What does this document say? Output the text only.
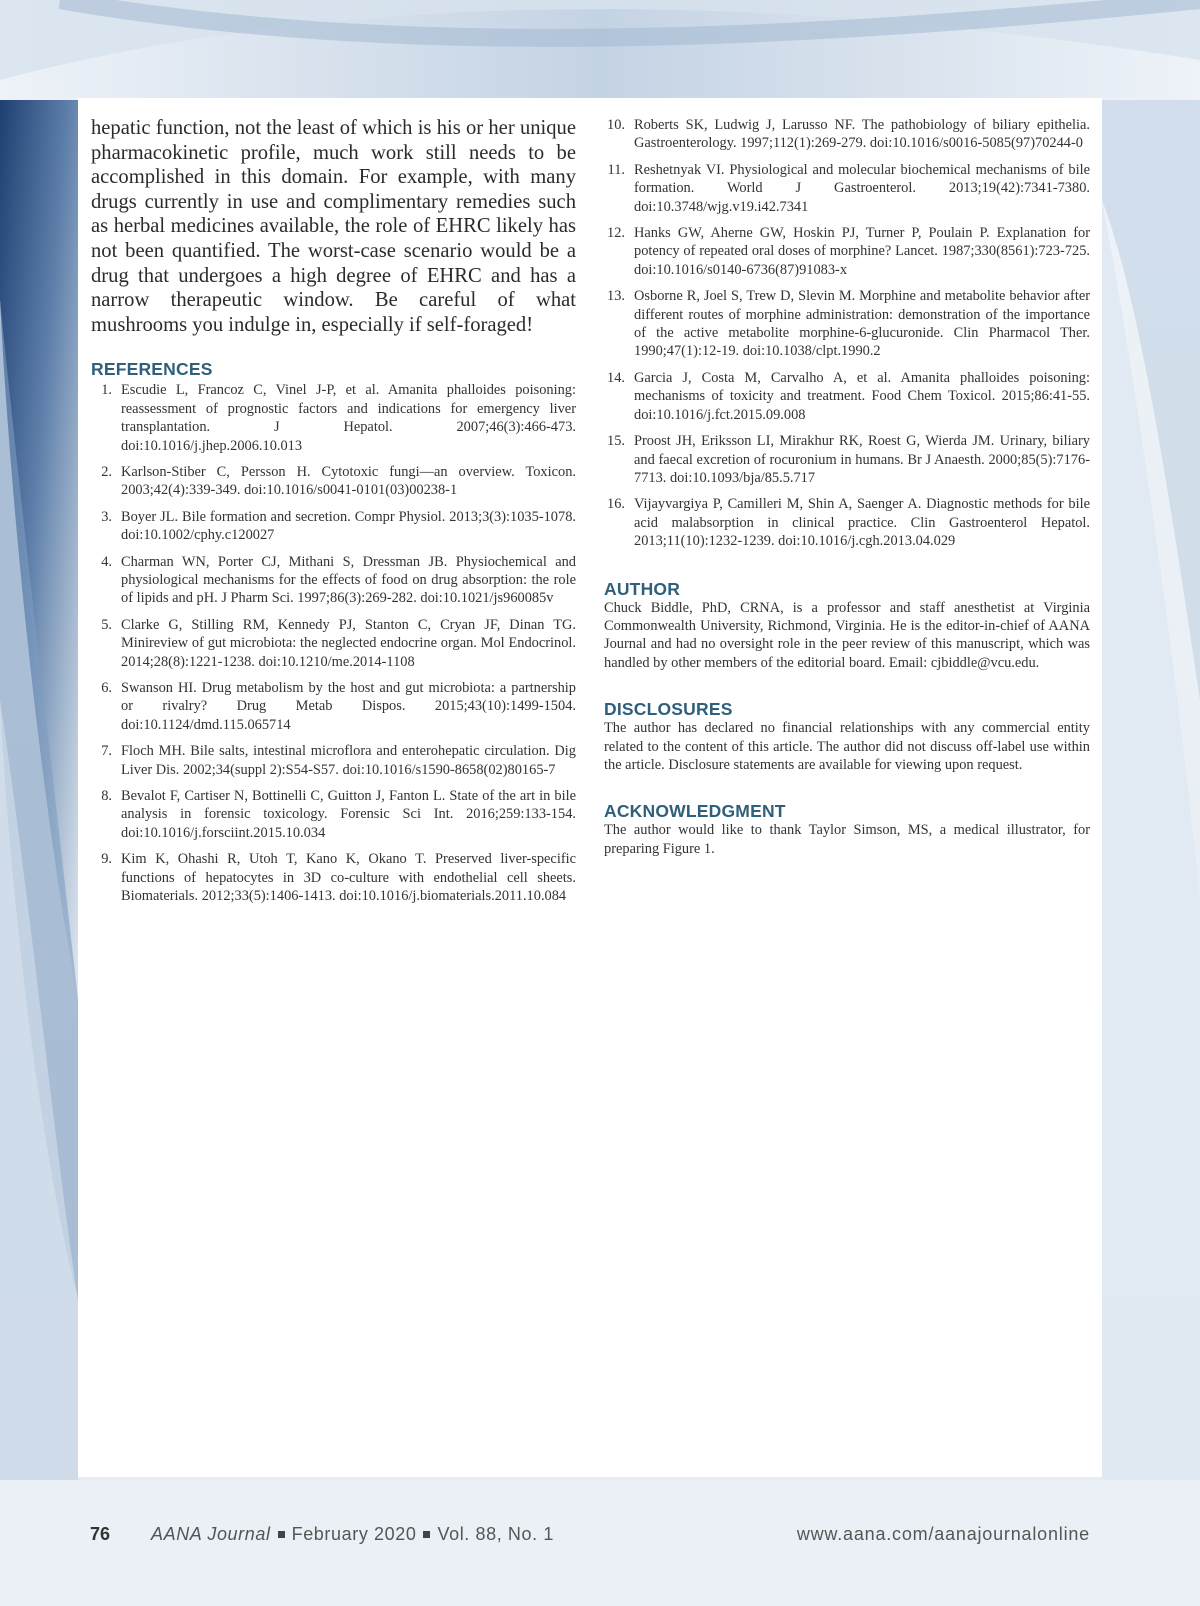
hepatic function, not the least of which is his or her unique pharmacokinetic profile, much work still needs to be accomplished in this domain. For example, with many drugs currently in use and complimentary remedies such as herbal medicines available, the role of EHRC likely has not been quantified. The worst-case scenario would be a drug that undergoes a high degree of EHRC and has a narrow therapeutic window. Be careful of what mushrooms you indulge in, especially if self-foraged!

REFERENCES
1. Escudie L, Francoz C, Vinel J-P, et al. Amanita phalloides poisoning: reassessment of prognostic factors and indications for emergency liver transplantation. J Hepatol. 2007;46(3):466-473. doi:10.1016/j.jhep.2006.10.013
2. Karlson-Stiber C, Persson H. Cytotoxic fungi—an overview. Toxicon. 2003;42(4):339-349. doi:10.1016/s0041-0101(03)00238-1
3. Boyer JL. Bile formation and secretion. Compr Physiol. 2013;3(3):1035-1078. doi:10.1002/cphy.c120027
4. Charman WN, Porter CJ, Mithani S, Dressman JB. Physiochemical and physiological mechanisms for the effects of food on drug absorption: the role of lipids and pH. J Pharm Sci. 1997;86(3):269-282. doi:10.1021/js960085v
5. Clarke G, Stilling RM, Kennedy PJ, Stanton C, Cryan JF, Dinan TG. Minireview of gut microbiota: the neglected endocrine organ. Mol Endocrinol. 2014;28(8):1221-1238. doi:10.1210/me.2014-1108
6. Swanson HI. Drug metabolism by the host and gut microbiota: a partnership or rivalry? Drug Metab Dispos. 2015;43(10):1499-1504. doi:10.1124/dmd.115.065714
7. Floch MH. Bile salts, intestinal microflora and enterohepatic circulation. Dig Liver Dis. 2002;34(suppl 2):S54-S57. doi:10.1016/s1590-8658(02)80165-7
8. Bevalot F, Cartiser N, Bottinelli C, Guitton J, Fanton L. State of the art in bile analysis in forensic toxicology. Forensic Sci Int. 2016;259:133-154. doi:10.1016/j.forsciint.2015.10.034
9. Kim K, Ohashi R, Utoh T, Kano K, Okano T. Preserved liver-specific functions of hepatocytes in 3D co-culture with endothelial cell sheets. Biomaterials. 2012;33(5):1406-1413. doi:10.1016/j.biomaterials.2011.10.084
10. Roberts SK, Ludwig J, Larusso NF. The pathobiology of biliary epithelia. Gastroenterology. 1997;112(1):269-279. doi:10.1016/s0016-5085(97)70244-0
11. Reshetnyak VI. Physiological and molecular biochemical mechanisms of bile formation. World J Gastroenterol. 2013;19(42):7341-7380. doi:10.3748/wjg.v19.i42.7341
12. Hanks GW, Aherne GW, Hoskin PJ, Turner P, Poulain P. Explanation for potency of repeated oral doses of morphine? Lancet. 1987;330(8561):723-725. doi:10.1016/s0140-6736(87)91083-x
13. Osborne R, Joel S, Trew D, Slevin M. Morphine and metabolite behavior after different routes of morphine administration: demonstration of the importance of the active metabolite morphine-6-glucuronide. Clin Pharmacol Ther. 1990;47(1):12-19. doi:10.1038/clpt.1990.2
14. Garcia J, Costa M, Carvalho A, et al. Amanita phalloides poisoning: mechanisms of toxicity and treatment. Food Chem Toxicol. 2015;86:41-55. doi:10.1016/j.fct.2015.09.008
15. Proost JH, Eriksson LI, Mirakhur RK, Roest G, Wierda JM. Urinary, biliary and faecal excretion of rocuronium in humans. Br J Anaesth. 2000;85(5):7176-7713. doi:10.1093/bja/85.5.717
16. Vijayvargiya P, Camilleri M, Shin A, Saenger A. Diagnostic methods for bile acid malabsorption in clinical practice. Clin Gastroenterol Hepatol. 2013;11(10):1232-1239. doi:10.1016/j.cgh.2013.04.029
AUTHOR

Chuck Biddle, PhD, CRNA, is a professor and staff anesthetist at Virginia Commonwealth University, Richmond, Virginia. He is the editor-in-chief of AANA Journal and had no oversight role in the peer review of this manuscript, which was handled by other members of the editorial board. Email: cjbiddle@vcu.edu.

DISCLOSURES

The author has declared no financial relationships with any commercial entity related to the content of this article. The author did not discuss off-label use within the article. Disclosure statements are available for viewing upon request.

ACKNOWLEDGMENT

The author would like to thank Taylor Simson, MS, a medical illustrator, for preparing Figure 1.

76 AANA Journal February 2020 Vol. 88, No. 1	www.aana.com/aanajournalonline
